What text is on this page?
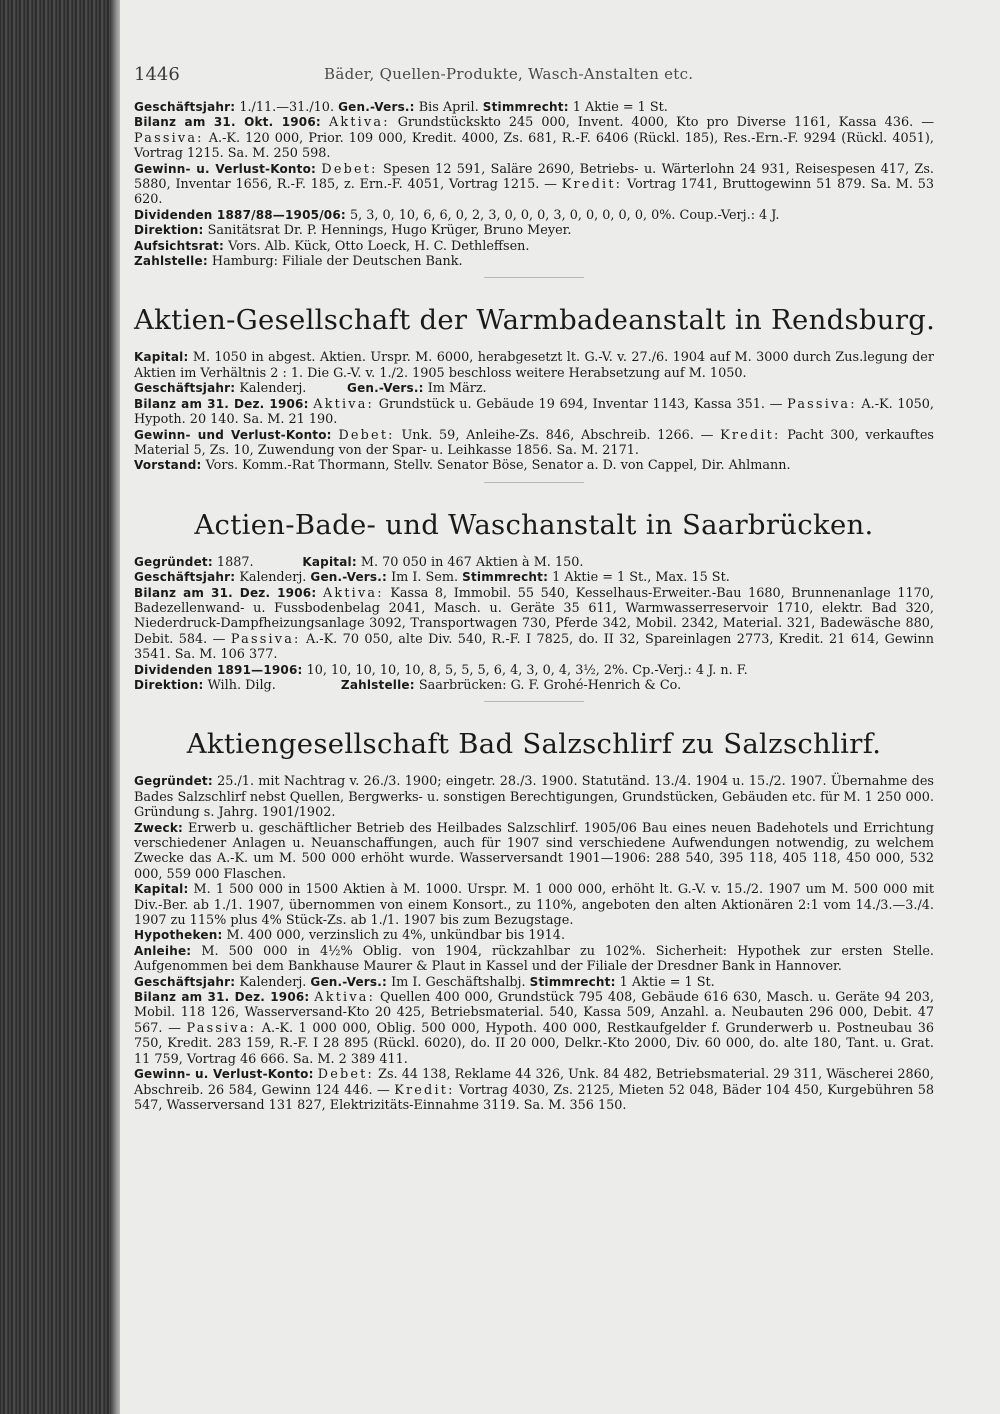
1446	Bäder, Quellen-Produkte, Wasch-Anstalten etc.

Geschäftsjahr: 1./11.—31./10. Gen.-Vers.: Bis April. Stimmrecht: 1 Aktie = 1 St.

Bilanz am 31. Okt. 1906: Aktiva: Grundstückskto 245 000, Invent. 4000, Kto pro Diverse 1161, Kassa 436. — Passiva: A.-K. 120 000, Prior. 109 000, Kredit. 4000, Zs. 681, R.-F. 6406 (Rückl. 185), Res.-Ern.-F. 9294 (Rückl. 4051), Vortrag 1215. Sa. M. 250 598.

Gewinn- u. Verlust-Konto: Debet: Spesen 12 591, Saläre 2690, Betriebs- u. Wärterlohn 24 931, Reisespesen 417, Zs. 5880, Inventar 1656, R.-F. 185, z. Ern.-F. 4051, Vortrag 1215. — Kredit: Vortrag 1741, Bruttogewinn 51 879. Sa. M. 53 620.

Dividenden 1887/88—1905/06: 5, 3, 0, 10, 6, 6, 0, 2, 3, 0, 0, 0, 3, 0, 0, 0, 0, 0, 0%. Coup.-Verj.: 4 J.

Direktion: Sanitätsrat Dr. P. Hennings, Hugo Krüger, Bruno Meyer.

Aufsichtsrat: Vors. Alb. Kück, Otto Loeck, H. C. Dethleffsen.

Zahlstelle: Hamburg: Filiale der Deutschen Bank.

Aktien-Gesellschaft der Warmbadeanstalt in Rendsburg.

Kapital: M. 1050 in abgest. Aktien. Urspr. M. 6000, herabgesetzt lt. G.-V. v. 27./6. 1904 auf M. 3000 durch Zus.legung der Aktien im Verhältnis 2 : 1. Die G.-V. v. 1./2. 1905 beschloss weitere Herabsetzung auf M. 1050.

Geschäftsjahr: Kalenderj.	Gen.-Vers.: Im März.

Bilanz am 31. Dez. 1906: Aktiva: Grundstück u. Gebäude 19 694, Inventar 1143, Kassa 351. — Passiva: A.-K. 1050, Hypoth. 20 140. Sa. M. 21 190.

Gewinn- und Verlust-Konto: Debet: Unk. 59, Anleihe-Zs. 846, Abschreib. 1266. — Kredit: Pacht 300, verkauftes Material 5, Zs. 10, Zuwendung von der Spar- u. Leihkasse 1856. Sa. M. 2171.

Vorstand: Vors. Komm.-Rat Thormann, Stellv. Senator Böse, Senator a. D. von Cappel, Dir. Ahlmann.

Actien-Bade- und Waschanstalt in Saarbrücken.

Gegründet: 1887.	Kapital: M. 70 050 in 467 Aktien à M. 150.

Geschäftsjahr: Kalenderj. Gen.-Vers.: Im I. Sem. Stimmrecht: 1 Aktie = 1 St., Max. 15 St.

Bilanz am 31. Dez. 1906: Aktiva: Kassa 8, Immobil. 55 540, Kesselhaus-Erweiter.-Bau 1680, Brunnenanlage 1170, Badezellenwand- u. Fussbodenbelag 2041, Masch. u. Geräte 35 611, Warmwasserreservoir 1710, elektr. Bad 320, Niederdruck-Dampfheizungsanlage 3092, Transportwagen 730, Pferde 342, Mobil. 2342, Material. 321, Badewäsche 880, Debit. 584. — Passiva: A.-K. 70 050, alte Div. 540, R.-F. I 7825, do. II 32, Spareinlagen 2773, Kredit. 21 614, Gewinn 3541. Sa. M. 106 377.

Dividenden 1891—1906: 10, 10, 10, 10, 10, 8, 5, 5, 5, 6, 4, 3, 0, 4, 3½, 2%. Cp.-Verj.: 4 J. n. F.

Direktion: Wilh. Dilg.	Zahlstelle: Saarbrücken: G. F. Grohé-Henrich & Co.

Aktiengesellschaft Bad Salzschlirf zu Salzschlirf.

Gegründet: 25./1. mit Nachtrag v. 26./3. 1900; eingetr. 28./3. 1900. Statutänd. 13./4. 1904 u. 15./2. 1907. Übernahme des Bades Salzschlirf nebst Quellen, Bergwerks- u. sonstigen Berechtigungen, Grundstücken, Gebäuden etc. für M. 1 250 000. Gründung s. Jahrg. 1901/1902.

Zweck: Erwerb u. geschäftlicher Betrieb des Heilbades Salzschlirf. 1905/06 Bau eines neuen Badehotels und Errichtung verschiedener Anlagen u. Neuanschaffungen, auch für 1907 sind verschiedene Aufwendungen notwendig, zu welchem Zwecke das A.-K. um M. 500 000 erhöht wurde. Wasserversandt 1901—1906: 288 540, 395 118, 405 118, 450 000, 532 000, 559 000 Flaschen.

Kapital: M. 1 500 000 in 1500 Aktien à M. 1000. Urspr. M. 1 000 000, erhöht lt. G.-V. v. 15./2. 1907 um M. 500 000 mit Div.-Ber. ab 1./1. 1907, übernommen von einem Konsort., zu 110%, angeboten den alten Aktionären 2:1 vom 14./3.—3./4. 1907 zu 115% plus 4% Stück-Zs. ab 1./1. 1907 bis zum Bezugstage.

Hypotheken: M. 400 000, verzinslich zu 4%, unkündbar bis 1914.

Anleihe: M. 500 000 in 4½% Oblig. von 1904, rückzahlbar zu 102%. Sicherheit: Hypothek zur ersten Stelle. Aufgenommen bei dem Bankhause Maurer & Plaut in Kassel und der Filiale der Dresdner Bank in Hannover.

Geschäftsjahr: Kalenderj. Gen.-Vers.: Im I. Geschäftshalbj. Stimmrecht: 1 Aktie = 1 St.

Bilanz am 31. Dez. 1906: Aktiva: Quellen 400 000, Grundstück 795 408, Gebäude 616 630, Masch. u. Geräte 94 203, Mobil. 118 126, Wasserversand-Kto 20 425, Betriebsmaterial. 540, Kassa 509, Anzahl. a. Neubauten 296 000, Debit. 47 567. — Passiva: A.-K. 1 000 000, Oblig. 500 000, Hypoth. 400 000, Restkaufgelder f. Grunderwerb u. Postneubau 36 750, Kredit. 283 159, R.-F. I 28 895 (Rückl. 6020), do. II 20 000, Delkr.-Kto 2000, Div. 60 000, do. alte 180, Tant. u. Grat. 11 759, Vortrag 46 666. Sa. M. 2 389 411.

Gewinn- u. Verlust-Konto: Debet: Zs. 44 138, Reklame 44 326, Unk. 84 482, Betriebsmaterial. 29 311, Wäscherei 2860, Abschreib. 26 584, Gewinn 124 446. — Kredit: Vortrag 4030, Zs. 2125, Mieten 52 048, Bäder 104 450, Kurgebühren 58 547, Wasserversand 131 827, Elektrizitäts-Einnahme 3119. Sa. M. 356 150.
